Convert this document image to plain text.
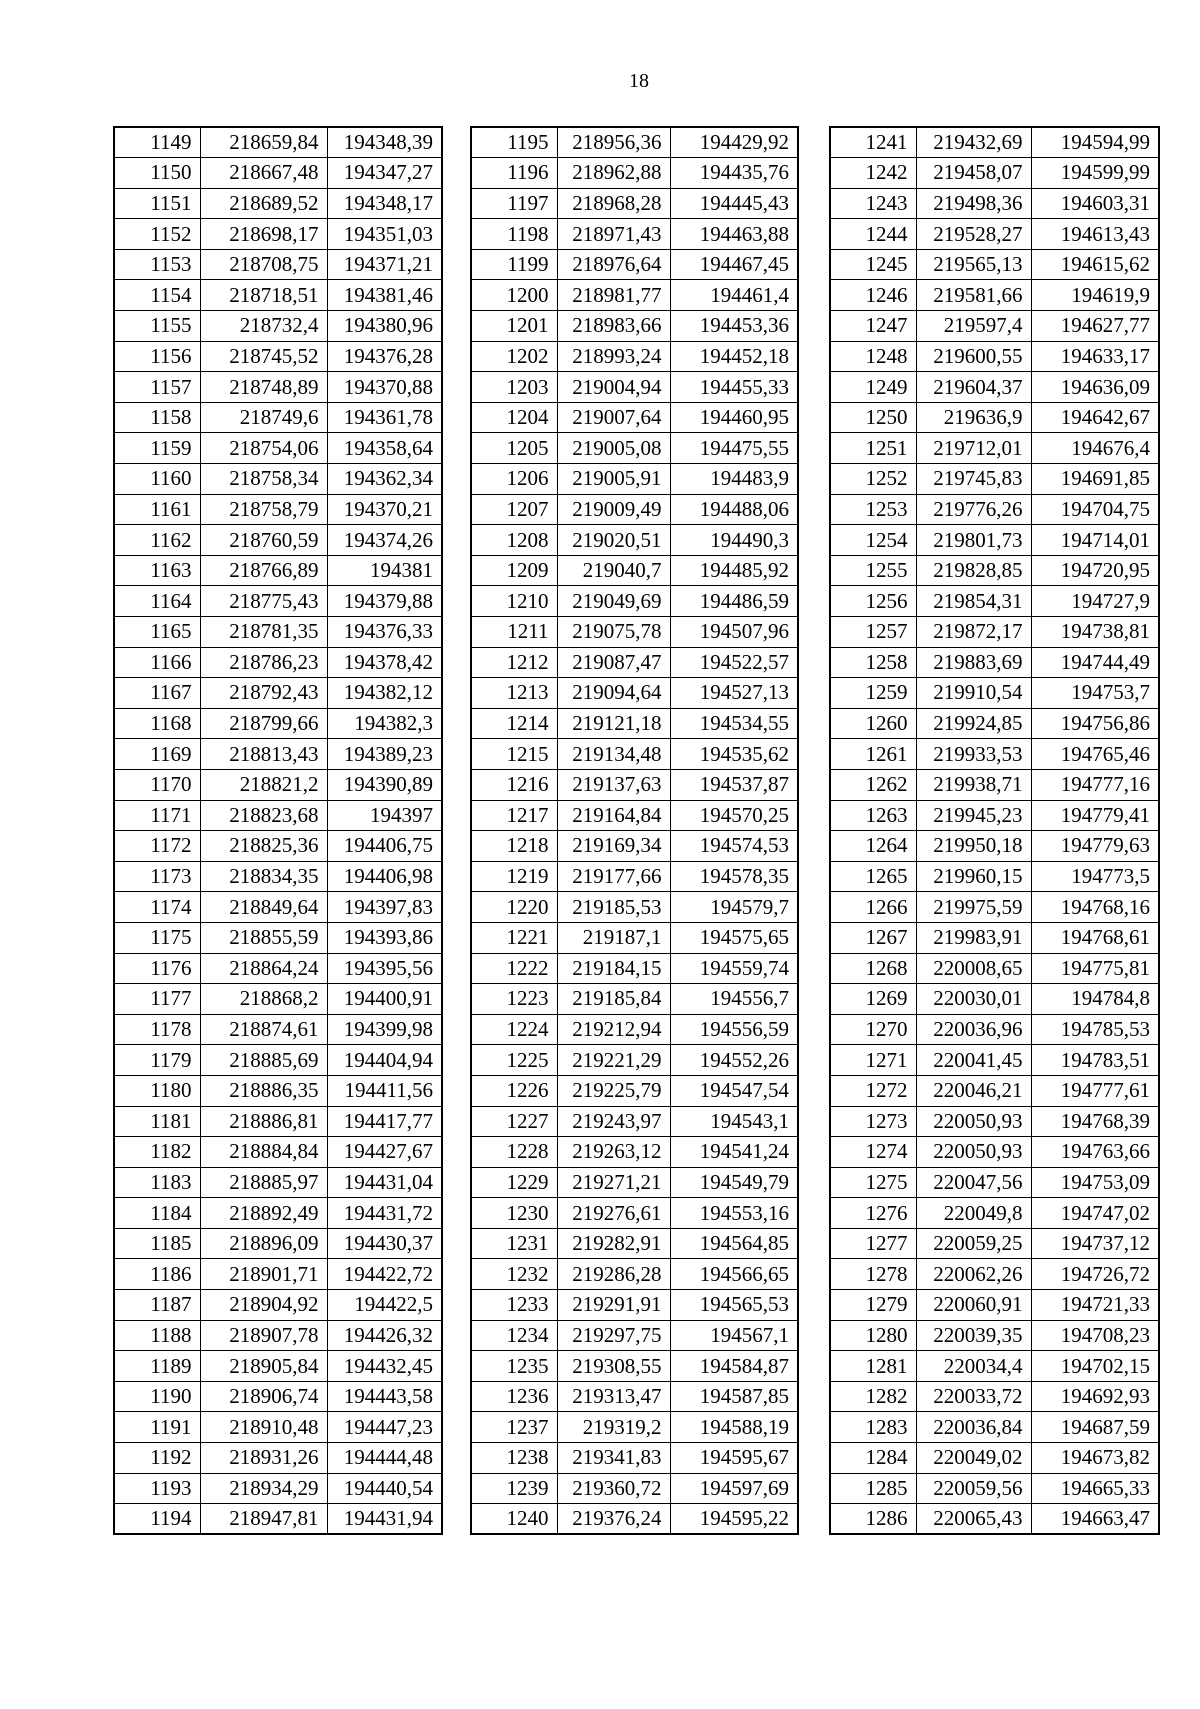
18
1149	218659,84	194348,39
1150	218667,48	194347,27
1151	218689,52	194348,17
1152	218698,17	194351,03
1153	218708,75	194371,21
1154	218718,51	194381,46
1155	218732,4	194380,96
1156	218745,52	194376,28
1157	218748,89	194370,88
1158	218749,6	194361,78
1159	218754,06	194358,64
1160	218758,34	194362,34
1161	218758,79	194370,21
1162	218760,59	194374,26
1163	218766,89	194381
1164	218775,43	194379,88
1165	218781,35	194376,33
1166	218786,23	194378,42
1167	218792,43	194382,12
1168	218799,66	194382,3
1169	218813,43	194389,23
1170	218821,2	194390,89
1171	218823,68	194397
1172	218825,36	194406,75
1173	218834,35	194406,98
1174	218849,64	194397,83
1175	218855,59	194393,86
1176	218864,24	194395,56
1177	218868,2	194400,91
1178	218874,61	194399,98
1179	218885,69	194404,94
1180	218886,35	194411,56
1181	218886,81	194417,77
1182	218884,84	194427,67
1183	218885,97	194431,04
1184	218892,49	194431,72
1185	218896,09	194430,37
1186	218901,71	194422,72
1187	218904,92	194422,5
1188	218907,78	194426,32
1189	218905,84	194432,45
1190	218906,74	194443,58
1191	218910,48	194447,23
1192	218931,26	194444,48
1193	218934,29	194440,54
1194	218947,81	194431,94
1195	218956,36	194429,92
1196	218962,88	194435,76
1197	218968,28	194445,43
1198	218971,43	194463,88
1199	218976,64	194467,45
1200	218981,77	194461,4
1201	218983,66	194453,36
1202	218993,24	194452,18
1203	219004,94	194455,33
1204	219007,64	194460,95
1205	219005,08	194475,55
1206	219005,91	194483,9
1207	219009,49	194488,06
1208	219020,51	194490,3
1209	219040,7	194485,92
1210	219049,69	194486,59
1211	219075,78	194507,96
1212	219087,47	194522,57
1213	219094,64	194527,13
1214	219121,18	194534,55
1215	219134,48	194535,62
1216	219137,63	194537,87
1217	219164,84	194570,25
1218	219169,34	194574,53
1219	219177,66	194578,35
1220	219185,53	194579,7
1221	219187,1	194575,65
1222	219184,15	194559,74
1223	219185,84	194556,7
1224	219212,94	194556,59
1225	219221,29	194552,26
1226	219225,79	194547,54
1227	219243,97	194543,1
1228	219263,12	194541,24
1229	219271,21	194549,79
1230	219276,61	194553,16
1231	219282,91	194564,85
1232	219286,28	194566,65
1233	219291,91	194565,53
1234	219297,75	194567,1
1235	219308,55	194584,87
1236	219313,47	194587,85
1237	219319,2	194588,19
1238	219341,83	194595,67
1239	219360,72	194597,69
1240	219376,24	194595,22
1241	219432,69	194594,99
1242	219458,07	194599,99
1243	219498,36	194603,31
1244	219528,27	194613,43
1245	219565,13	194615,62
1246	219581,66	194619,9
1247	219597,4	194627,77
1248	219600,55	194633,17
1249	219604,37	194636,09
1250	219636,9	194642,67
1251	219712,01	194676,4
1252	219745,83	194691,85
1253	219776,26	194704,75
1254	219801,73	194714,01
1255	219828,85	194720,95
1256	219854,31	194727,9
1257	219872,17	194738,81
1258	219883,69	194744,49
1259	219910,54	194753,7
1260	219924,85	194756,86
1261	219933,53	194765,46
1262	219938,71	194777,16
1263	219945,23	194779,41
1264	219950,18	194779,63
1265	219960,15	194773,5
1266	219975,59	194768,16
1267	219983,91	194768,61
1268	220008,65	194775,81
1269	220030,01	194784,8
1270	220036,96	194785,53
1271	220041,45	194783,51
1272	220046,21	194777,61
1273	220050,93	194768,39
1274	220050,93	194763,66
1275	220047,56	194753,09
1276	220049,8	194747,02
1277	220059,25	194737,12
1278	220062,26	194726,72
1279	220060,91	194721,33
1280	220039,35	194708,23
1281	220034,4	194702,15
1282	220033,72	194692,93
1283	220036,84	194687,59
1284	220049,02	194673,82
1285	220059,56	194665,33
1286	220065,43	194663,47
